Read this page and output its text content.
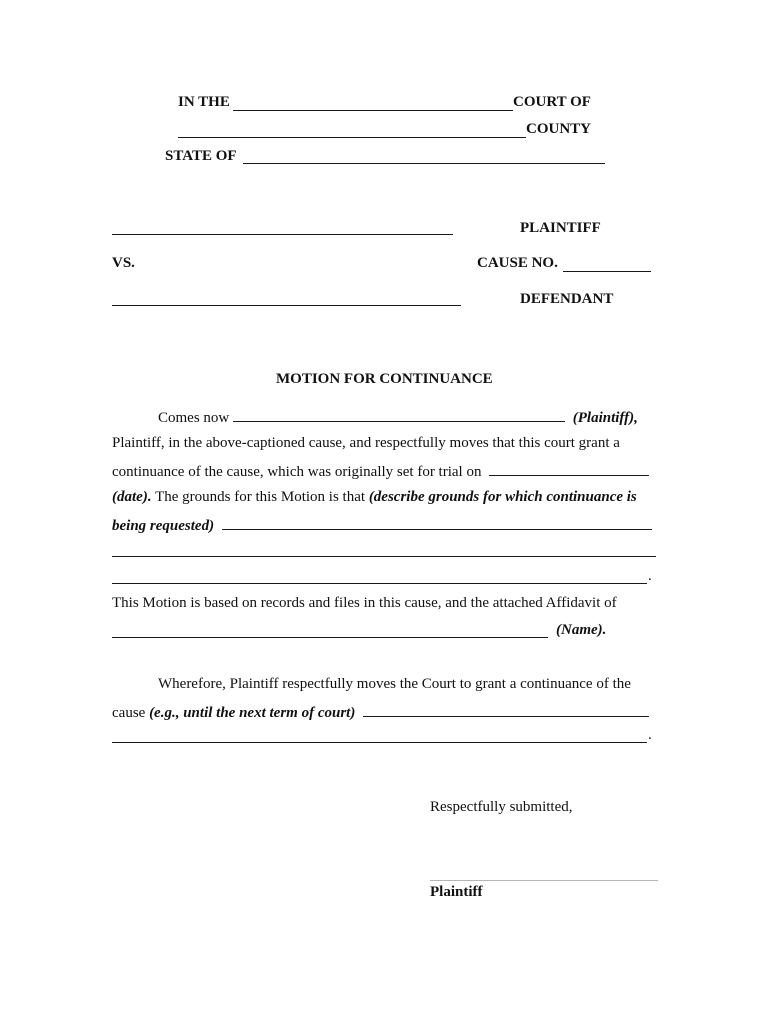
IN THE	COURT OF
COUNTY
STATE OF
PLAINTIFF
VS.	CAUSE NO.
DEFENDANT
MOTION FOR CONTINUANCE
Comes now	(Plaintiff),
Plaintiff, in the above-captioned cause, and respectfully moves that this court grant a
continuance of the cause, which was originally set for trial on
(date). The grounds for this Motion is that (describe grounds for which continuance is
being requested)
.
This Motion is based on records and files in this cause, and the attached Affidavit of
(Name).
Wherefore, Plaintiff respectfully moves the Court to grant a continuance of the
cause (e.g., until the next term of court)
.
Respectfully submitted,
Plaintiff
